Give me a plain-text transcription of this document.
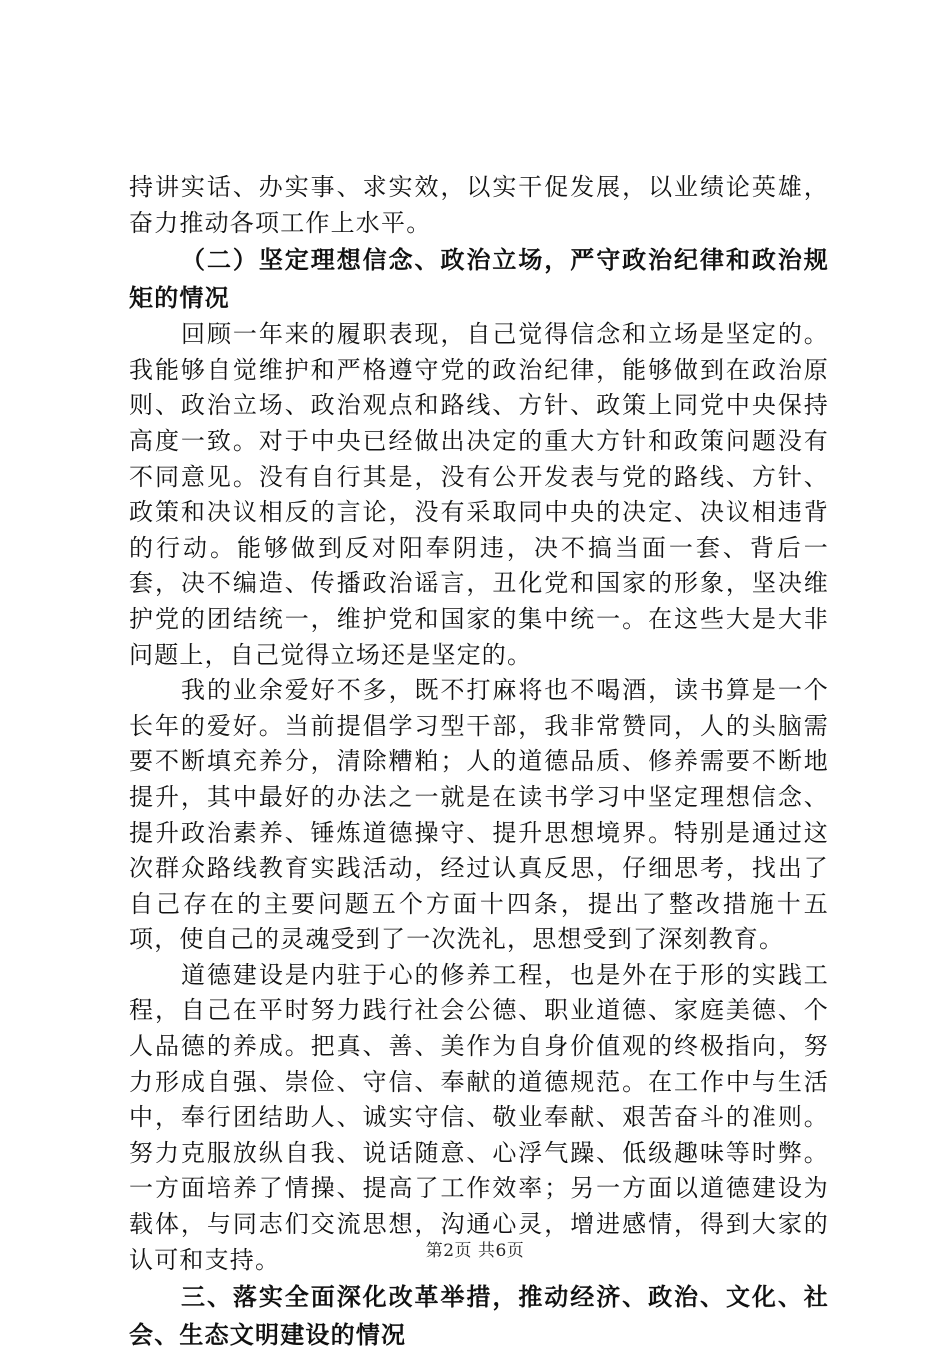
持讲实话、办实事、求实效，以实干促发展，以业绩论英雄，奋力推动各项工作上水平。

（二）坚定理想信念、政治立场，严守政治纪律和政治规矩的情况

回顾一年来的履职表现，自己觉得信念和立场是坚定的。我能够自觉维护和严格遵守党的政治纪律，能够做到在政治原则、政治立场、政治观点和路线、方针、政策上同党中央保持高度一致。对于中央已经做出决定的重大方针和政策问题没有不同意见。没有自行其是，没有公开发表与党的路线、方针、政策和决议相反的言论，没有采取同中央的决定、决议相违背的行动。能够做到反对阳奉阴违，决不搞当面一套、背后一套，决不编造、传播政治谣言，丑化党和国家的形象，坚决维护党的团结统一，维护党和国家的集中统一。在这些大是大非问题上，自己觉得立场还是坚定的。

我的业余爱好不多，既不打麻将也不喝酒，读书算是一个长年的爱好。当前提倡学习型干部，我非常赞同，人的头脑需要不断填充养分，清除糟粕；人的道德品质、修养需要不断地提升，其中最好的办法之一就是在读书学习中坚定理想信念、提升政治素养、锤炼道德操守、提升思想境界。特别是通过这次群众路线教育实践活动，经过认真反思，仔细思考，找出了自己存在的主要问题五个方面十四条，提出了整改措施十五项，使自己的灵魂受到了一次洗礼，思想受到了深刻教育。

道德建设是内驻于心的修养工程，也是外在于形的实践工程，自己在平时努力践行社会公德、职业道德、家庭美德、个人品德的养成。把真、善、美作为自身价值观的终极指向，努力形成自强、崇俭、守信、奉献的道德规范。在工作中与生活中，奉行团结助人、诚实守信、敬业奉献、艰苦奋斗的准则。努力克服放纵自我、说话随意、心浮气躁、低级趣味等时弊。一方面培养了情操、提高了工作效率；另一方面以道德建设为载体，与同志们交流思想，沟通心灵，增进感情，得到大家的认可和支持。

三、落实全面深化改革举措，推动经济、政治、文化、社会、生态文明建设的情况

第2页 共6页
